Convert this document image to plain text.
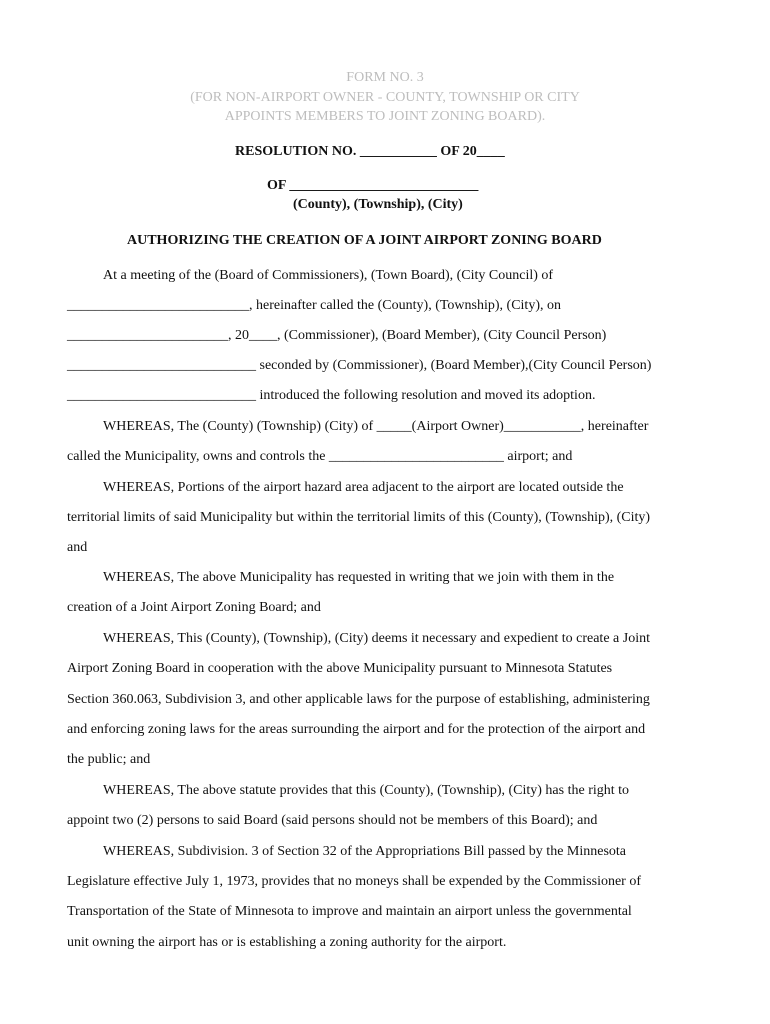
FORM NO. 3
(FOR NON-AIRPORT OWNER - COUNTY, TOWNSHIP OR CITY
APPOINTS MEMBERS TO JOINT ZONING BOARD).
RESOLUTION NO. ___________ OF 20____
OF ___________________________
(County), (Township), (City)
AUTHORIZING THE CREATION OF A JOINT AIRPORT ZONING BOARD
At a meeting of the (Board of Commissioners), (Town Board), (City Council) of
__________________________, hereinafter called the (County), (Township), (City), on
_______________________, 20____, (Commissioner), (Board Member), (City Council Person)
___________________________ seconded by (Commissioner), (Board Member),(City Council Person)
___________________________ introduced the following resolution and moved its adoption.
WHEREAS, The (County) (Township) (City) of _____(Airport Owner)___________, hereinafter
called the Municipality, owns and controls the _________________________ airport; and
WHEREAS, Portions of the airport hazard area adjacent to the airport are located outside the
territorial limits of said Municipality but within the territorial limits of this (County), (Township), (City)
and
WHEREAS, The above Municipality has requested in writing that we join with them in the
creation of a Joint Airport Zoning Board; and
WHEREAS, This (County), (Township), (City) deems it necessary and expedient to create a Joint
Airport Zoning Board in cooperation with the above Municipality pursuant to Minnesota Statutes
Section 360.063, Subdivision 3, and other applicable laws for the purpose of establishing, administering
and enforcing zoning laws for the areas surrounding the airport and for the protection of the airport and
the public; and
WHEREAS, The above statute provides that this (County), (Township), (City) has the right to
appoint two (2) persons to said Board (said persons should not be members of this Board); and
WHEREAS, Subdivision. 3 of Section 32 of the Appropriations Bill passed by the Minnesota
Legislature effective July 1, 1973, provides that no moneys shall be expended by the Commissioner of
Transportation of the State of Minnesota to improve and maintain an airport unless the governmental
unit owning the airport has or is establishing a zoning authority for the airport.
